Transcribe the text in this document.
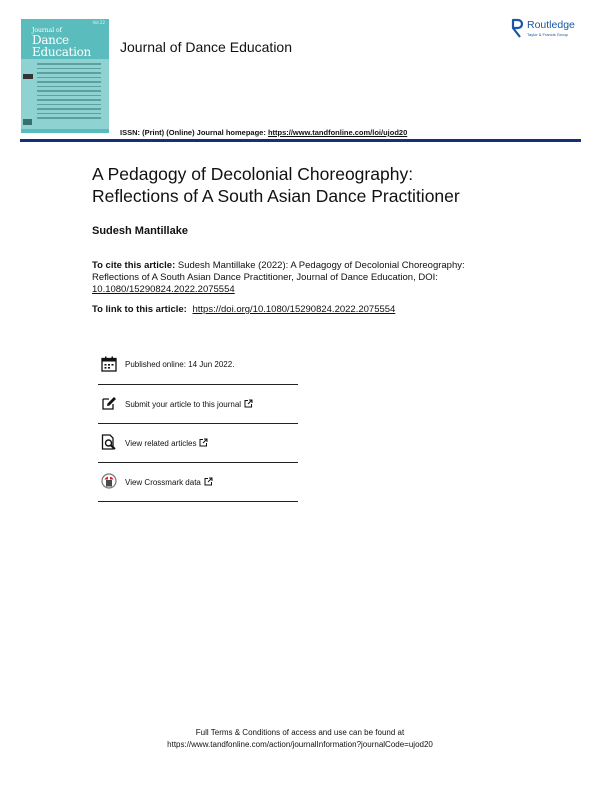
Vol 22
Journal of
Dance Education	Journal of Dance Education
ISSN: (Print) (Online) Journal homepage: https://www.tandfonline.com/loi/ujod20
Routledge
Taylor & Francis Group
A Pedagogy of Decolonial Choreography:
Reflections of A South Asian Dance Practitioner
Sudesh Mantillake
To cite this article: Sudesh Mantillake (2022): A Pedagogy of Decolonial Choreography: Reflections of A South Asian Dance Practitioner, Journal of Dance Education, DOI: 10.1080/15290824.2022.2075554
To link to this article: https://doi.org/10.1080/15290824.2022.2075554
Published online: 14 Jun 2022.
Submit your article to this journal
View related articles
View Crossmark data
Full Terms & Conditions of access and use can be found at
https://www.tandfonline.com/action/journalInformation?journalCode=ujod20
